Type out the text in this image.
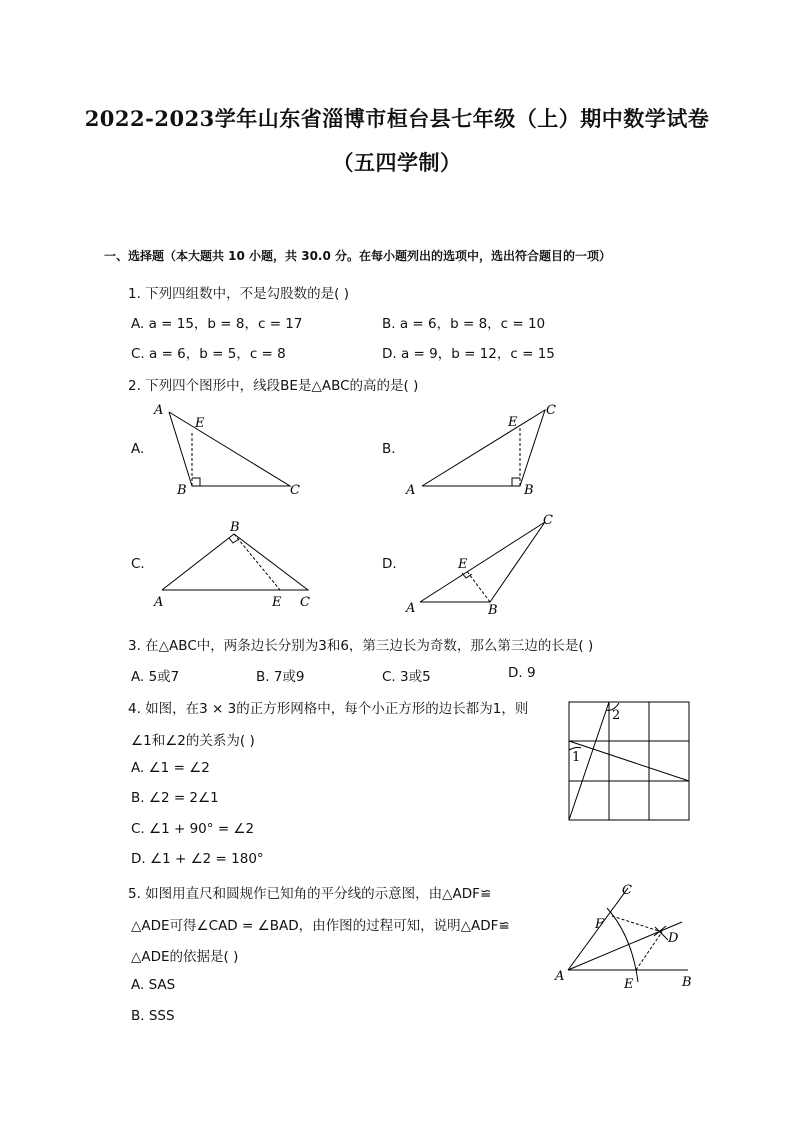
2022-2023学年山东省淄博市桓台县七年级（上）期中数学试卷
（五四学制）
一、选择题（本大题共 10 小题，共 30.0 分。在每小题列出的选项中，选出符合题目的一项）
1. 下列四组数中，不是勾股数的是( )
A. a = 15，b = 8，c = 17	B. a = 6，b = 8，c = 10
C. a = 6，b = 5，c = 8	D. a = 9，b = 12，c = 15
2. 下列四个图形中，线段BE是△ABC的高的是( )
A.	B.
C.	D.
A
E
B	C	A
E
B
C
A
B
E C	A
E
B
C
3. 在△ABC中，两条边长分别为3和6，第三边长为奇数，那么第三边的长是( )
A. 5或7	B. 7或9	C. 3或5	D. 9
4. 如图，在3 × 3的正方形网格中，每个小正方形的边长都为1，则
∠1和∠2的关系为( )
A. ∠1 = ∠2
B. ∠2 = 2∠1
C. ∠1 + 90° = ∠2
D. ∠1 + ∠2 = 180°
1
2
5. 如图用直尺和圆规作已知角的平分线的示意图，由△ADF≌
△ADE可得∠CAD = ∠BAD，由作图的过程可知，说明△ADF≌
△ADE的依据是( )
A. SAS
B. SSS
A	B
C
D
E
F
